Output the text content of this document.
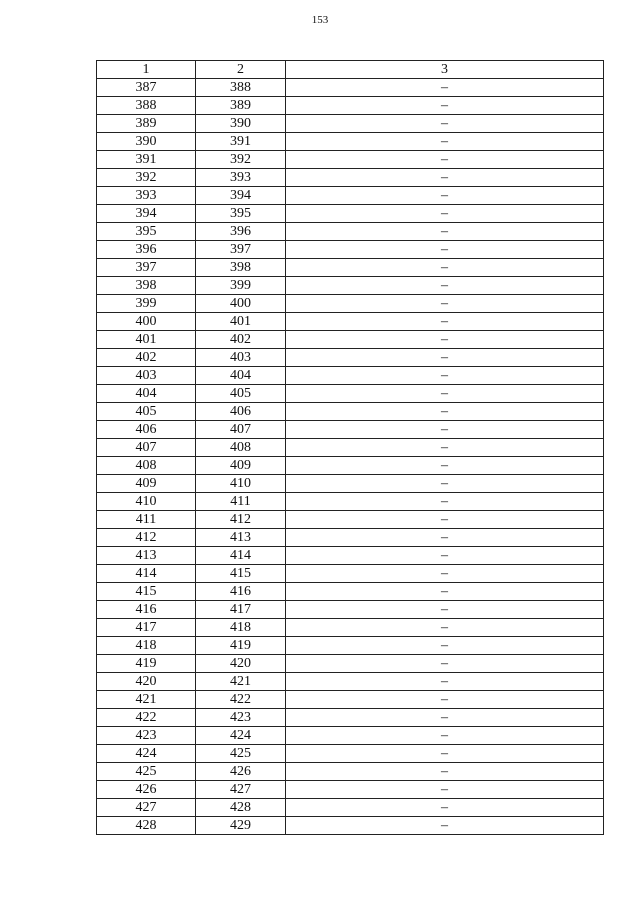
153
1	2	3
387	388	–
388	389	–
389	390	–
390	391	–
391	392	–
392	393	–
393	394	–
394	395	–
395	396	–
396	397	–
397	398	–
398	399	–
399	400	–
400	401	–
401	402	–
402	403	–
403	404	–
404	405	–
405	406	–
406	407	–
407	408	–
408	409	–
409	410	–
410	411	–
411	412	–
412	413	–
413	414	–
414	415	–
415	416	–
416	417	–
417	418	–
418	419	–
419	420	–
420	421	–
421	422	–
422	423	–
423	424	–
424	425	–
425	426	–
426	427	–
427	428	–
428	429	–
